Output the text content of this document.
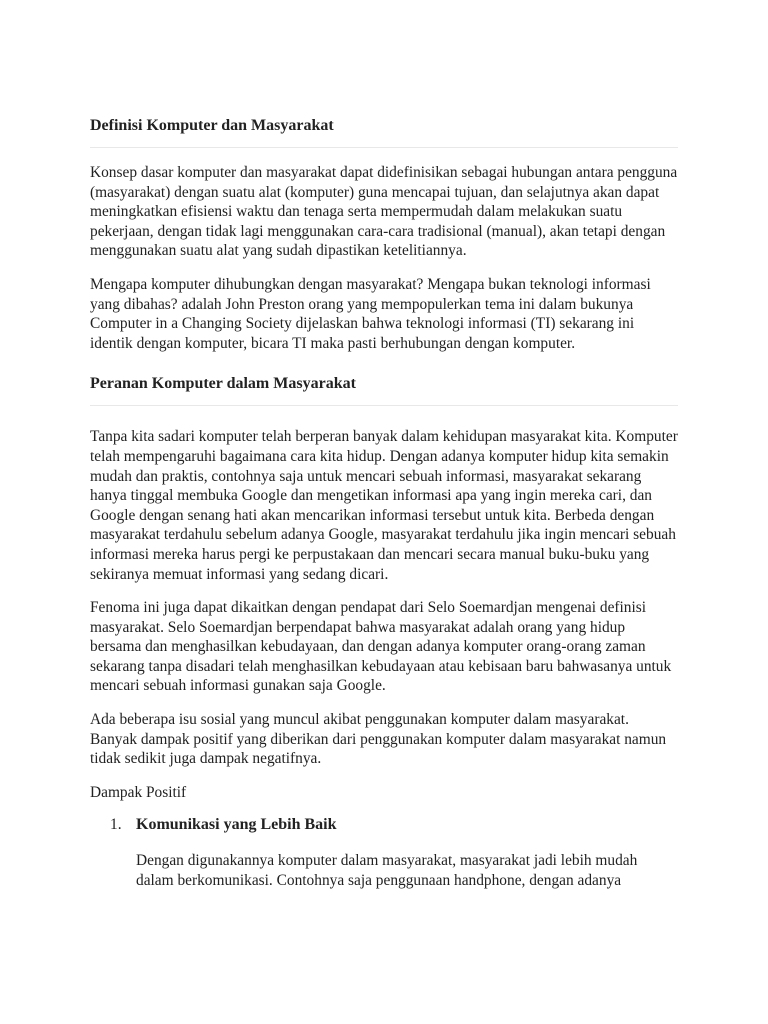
Definisi Komputer dan Masyarakat

Konsep dasar komputer dan masyarakat dapat didefinisikan sebagai hubungan antara pengguna (masyarakat) dengan suatu alat (komputer) guna mencapai tujuan, dan selajutnya akan dapat meningkatkan efisiensi waktu dan tenaga serta mempermudah dalam melakukan suatu pekerjaan, dengan tidak lagi menggunakan cara-cara tradisional (manual), akan tetapi dengan menggunakan suatu alat yang sudah dipastikan ketelitiannya.

Mengapa komputer dihubungkan dengan masyarakat? Mengapa bukan teknologi informasi yang dibahas? adalah John Preston orang yang mempopulerkan tema ini dalam bukunya Computer in a Changing Society dijelaskan bahwa teknologi informasi (TI) sekarang ini identik dengan komputer, bicara TI maka pasti berhubungan dengan komputer.

Peranan Komputer dalam Masyarakat

Tanpa kita sadari komputer telah berperan banyak dalam kehidupan masyarakat kita. Komputer telah mempengaruhi bagaimana cara kita hidup. Dengan adanya komputer hidup kita semakin mudah dan praktis, contohnya saja untuk mencari sebuah informasi, masyarakat sekarang hanya tinggal membuka Google dan mengetikan informasi apa yang ingin mereka cari, dan Google dengan senang hati akan mencarikan informasi tersebut untuk kita. Berbeda dengan masyarakat terdahulu sebelum adanya Google, masyarakat terdahulu jika ingin mencari sebuah informasi mereka harus pergi ke perpustakaan dan mencari secara manual buku-buku yang sekiranya memuat informasi yang sedang dicari.

Fenoma ini juga dapat dikaitkan dengan pendapat dari Selo Soemardjan mengenai definisi masyarakat. Selo Soemardjan berpendapat bahwa masyarakat adalah orang yang hidup bersama dan menghasilkan kebudayaan, dan dengan adanya komputer orang-orang zaman sekarang tanpa disadari telah menghasilkan kebudayaan atau kebisaan baru bahwasanya untuk mencari sebuah informasi gunakan saja Google.

Ada beberapa isu sosial yang muncul akibat penggunakan komputer dalam masyarakat. Banyak dampak positif yang diberikan dari penggunakan komputer dalam masyarakat namun tidak sedikit juga dampak negatifnya.

Dampak Positif

1. Komunikasi yang Lebih Baik

Dengan digunakannya komputer dalam masyarakat, masyarakat jadi lebih mudah dalam berkomunikasi. Contohnya saja penggunaan handphone, dengan adanya
